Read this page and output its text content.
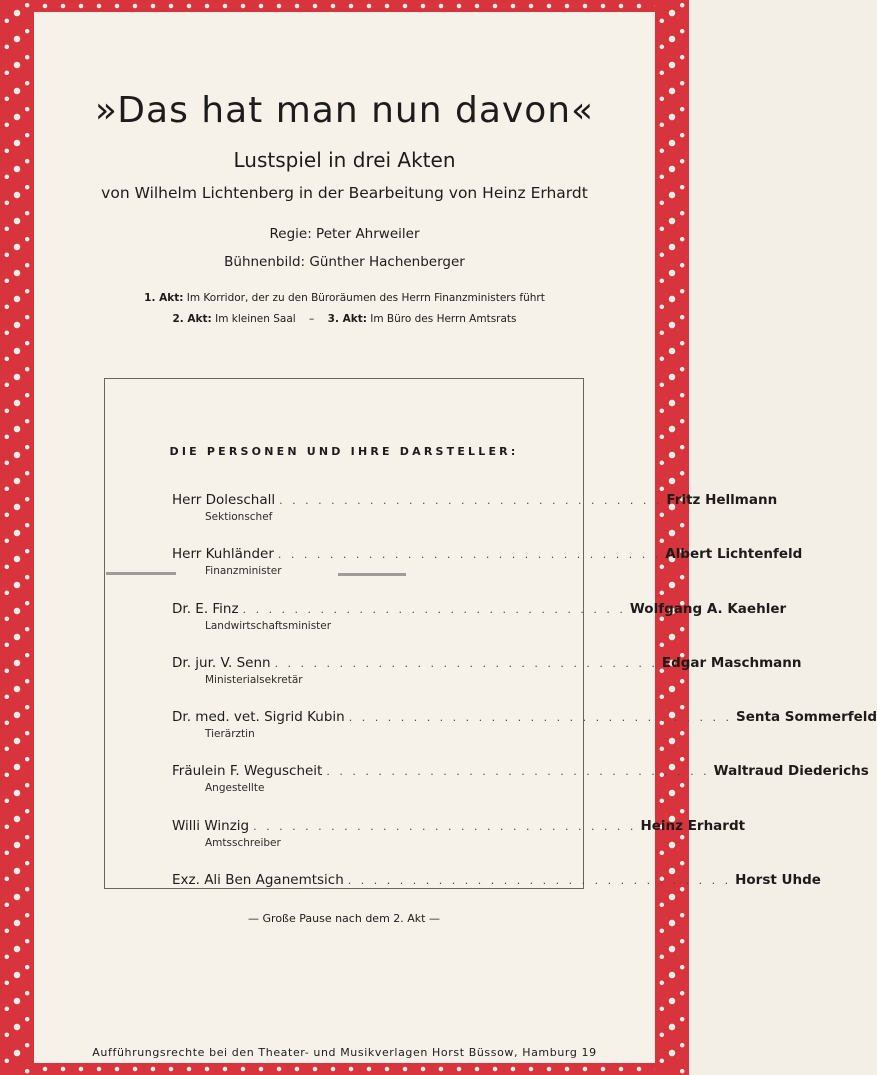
»Das hat man nun davon«
Lustspiel in drei Akten
von Wilhelm Lichtenberg in der Bearbeitung von Heinz Erhardt
Regie: Peter Ahrweiler
Bühnenbild: Günther Hachenberger
1. Akt: Im Korridor, der zu den Büroräumen des Herrn Finanzministers führt
2. Akt: Im kleinen Saal – 3. Akt: Im Büro des Herrn Amtsrats
DIE PERSONEN UND IHRE DARSTELLER:
Herr Doleschall . . . . . . . . . . . . . . . . . . . . . . . . . . . . . . Fritz Hellmann
Sektionschef
Herr Kuhländer . . . . . . . . . . . . . . . . . . . . . . . . . . . . . . Albert Lichtenfeld
Finanzminister
Dr. E. Finz . . . . . . . . . . . . . . . . . . . . . . . . . . . . . . Wolfgang A. Kaehler
Landwirtschaftsminister
Dr. jur. V. Senn . . . . . . . . . . . . . . . . . . . . . . . . . . . . . . Edgar Maschmann
Ministerialsekretär
Dr. med. vet. Sigrid Kubin . . . . . . . . . . . . . . . . . . . . . . . . . . . . . . Senta Sommerfeld
Tierärztin
Fräulein F. Weguscheit . . . . . . . . . . . . . . . . . . . . . . . . . . . . . . Waltraud Diederichs
Angestellte
Willi Winzig . . . . . . . . . . . . . . . . . . . . . . . . . . . . . . Heinz Erhardt
Amtsschreiber
Exz. Ali Ben Aganemtsich . . . . . . . . . . . . . . . . . . . . . . . . . . . . . . Horst Uhde
— Große Pause nach dem 2. Akt —
Aufführungsrechte bei den Theater- und Musikverlagen Horst Büssow, Hamburg 19
